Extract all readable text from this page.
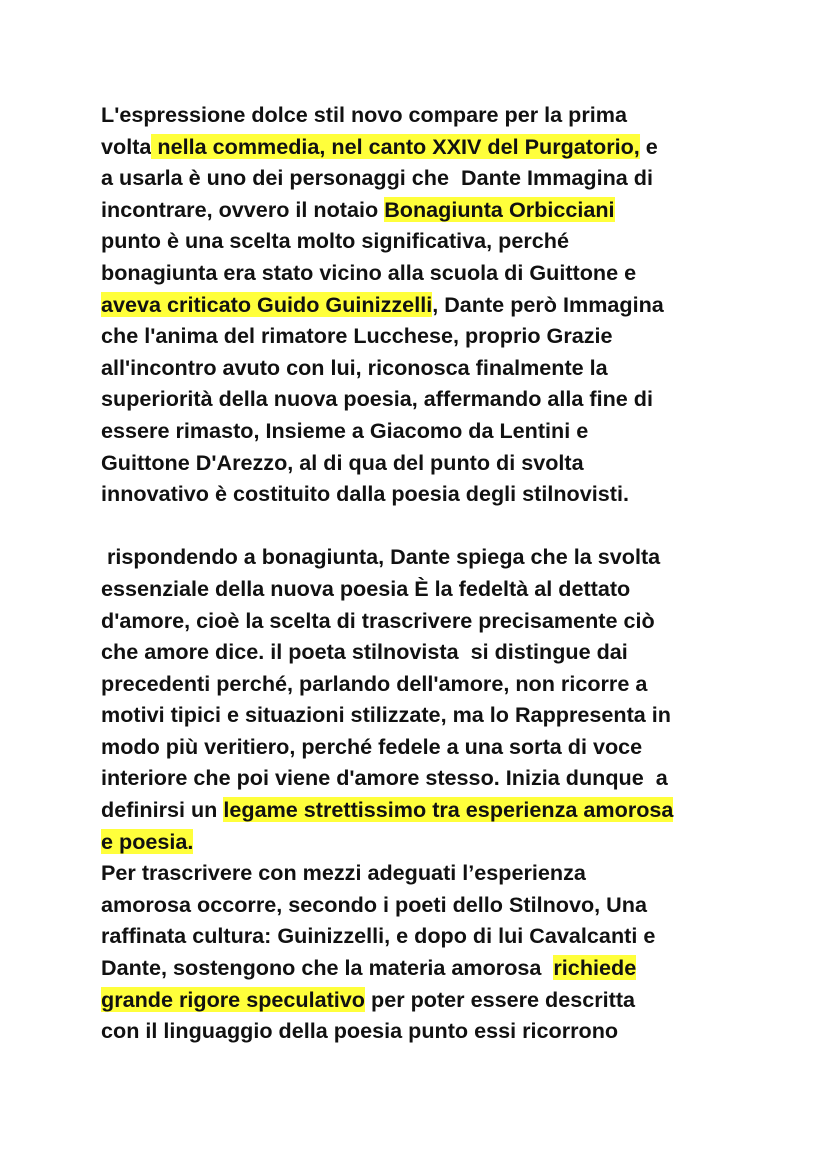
L'espressione dolce stil novo compare per la prima
volta nella commedia, nel canto XXIV del Purgatorio, e
a usarla è uno dei personaggi che  Dante Immagina di
incontrare, ovvero il notaio Bonagiunta Orbicciani
punto è una scelta molto significativa, perché
bonagiunta era stato vicino alla scuola di Guittone e
aveva criticato Guido Guinizzelli, Dante però Immagina
che l'anima del rimatore Lucchese, proprio Grazie
all'incontro avuto con lui, riconosca finalmente la
superiorità della nuova poesia, affermando alla fine di
essere rimasto, Insieme a Giacomo da Lentini e
Guittone D'Arezzo, al di qua del punto di svolta
innovativo è costituito dalla poesia degli stilnovisti.
rispondendo a bonagiunta, Dante spiega che la svolta
essenziale della nuova poesia È la fedeltà al dettato
d'amore, cioè la scelta di trascrivere precisamente ciò
che amore dice. il poeta stilnovista  si distingue dai
precedenti perché, parlando dell'amore, non ricorre a
motivi tipici e situazioni stilizzate, ma lo Rappresenta in
modo più veritiero, perché fedele a una sorta di voce
interiore che poi viene d'amore stesso. Inizia dunque  a
definirsi un legame strettissimo tra esperienza amorosa
e poesia.
Per trascrivere con mezzi adeguati l’esperienza
amorosa occorre, secondo i poeti dello Stilnovo, Una
raffinata cultura: Guinizzelli, e dopo di lui Cavalcanti e
Dante, sostengono che la materia amorosa  richiede
grande rigore speculativo per poter essere descritta
con il linguaggio della poesia punto essi ricorrono
